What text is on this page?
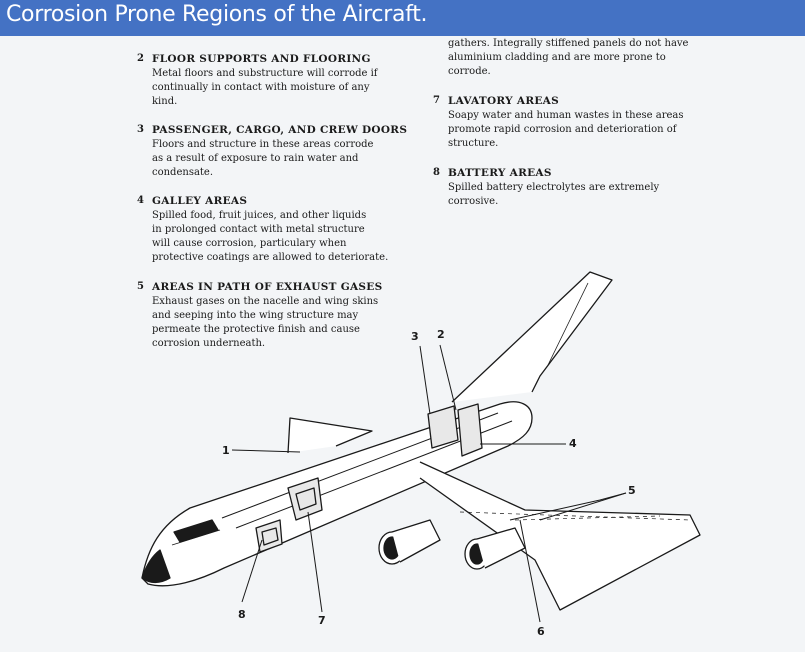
Corrosion Prone Regions of the Aircraft.
gathers. Integrally stiffened panels do not have
aluminium cladding and are more prone to
corrode.
2 FLOOR SUPPORTS AND FLOORING
Metal floors and substructure will corrode if
continually in contact with moisture of any
kind.
3 PASSENGER, CARGO, AND CREW DOORS
Floors and structure in these areas corrode
as a result of exposure to rain water and
condensate.
4 GALLEY AREAS
Spilled food, fruit juices, and other liquids
in prolonged contact with metal structure
will cause corrosion, particulary when
protective coatings are allowed to deteriorate.
5 AREAS IN PATH OF EXHAUST GASES
Exhaust gases on the nacelle and wing skins
and seeping into the wing structure may
permeate the protective finish and cause
corrosion underneath.
7 LAVATORY AREAS
Soapy water and human wastes in these areas
promote rapid corrosion and deterioration of
structure.
8 BATTERY AREAS
Spilled battery electrolytes are extremely
corrosive.
1
2
3
4
5
6
7
8
